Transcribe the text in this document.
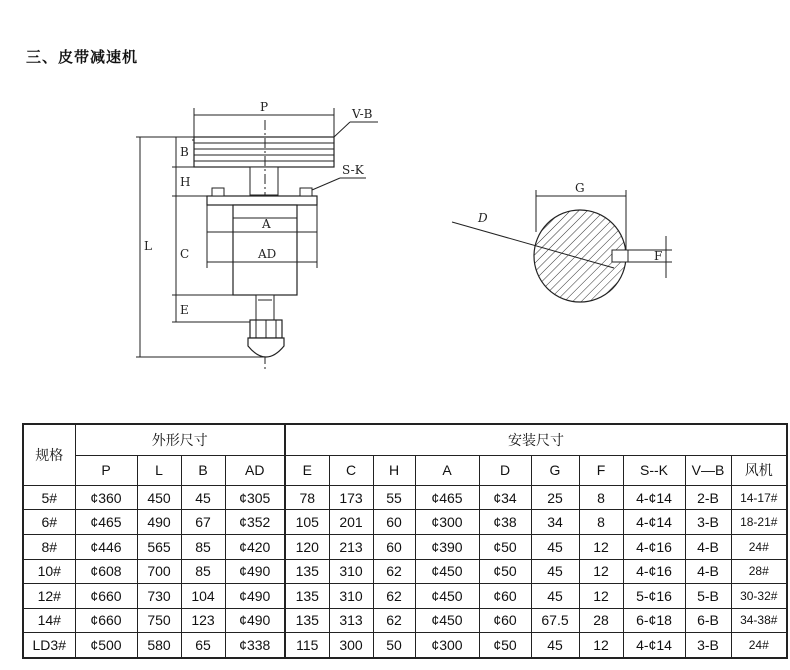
三、皮带减速机
P	V-B
S-K
B
H
L
A
C	AD
E
G
D
F
规格	外形尺寸				安装尺寸									
	P	L	B	AD	E	C	H	A	D	G	F	S--K	V—B	风机
5#	¢360	450	45	¢305	78	173	55	¢465	¢34	25	8	4-¢14	2-B	14-17#
6#	¢465	490	67	¢352	105	201	60	¢300	¢38	34	8	4-¢14	3-B	18-21#
8#	¢446	565	85	¢420	120	213	60	¢390	¢50	45	12	4-¢16	4-B	24#
10#	¢608	700	85	¢490	135	310	62	¢450	¢50	45	12	4-¢16	4-B	28#
12#	¢660	730	104	¢490	135	310	62	¢450	¢60	45	12	5-¢16	5-B	30-32#
14#	¢660	750	123	¢490	135	313	62	¢450	¢60	67.5	28	6-¢18	6-B	34-38#
LD3#	¢500	580	65	¢338	115	300	50	¢300	¢50	45	12	4-¢14	3-B	24#
